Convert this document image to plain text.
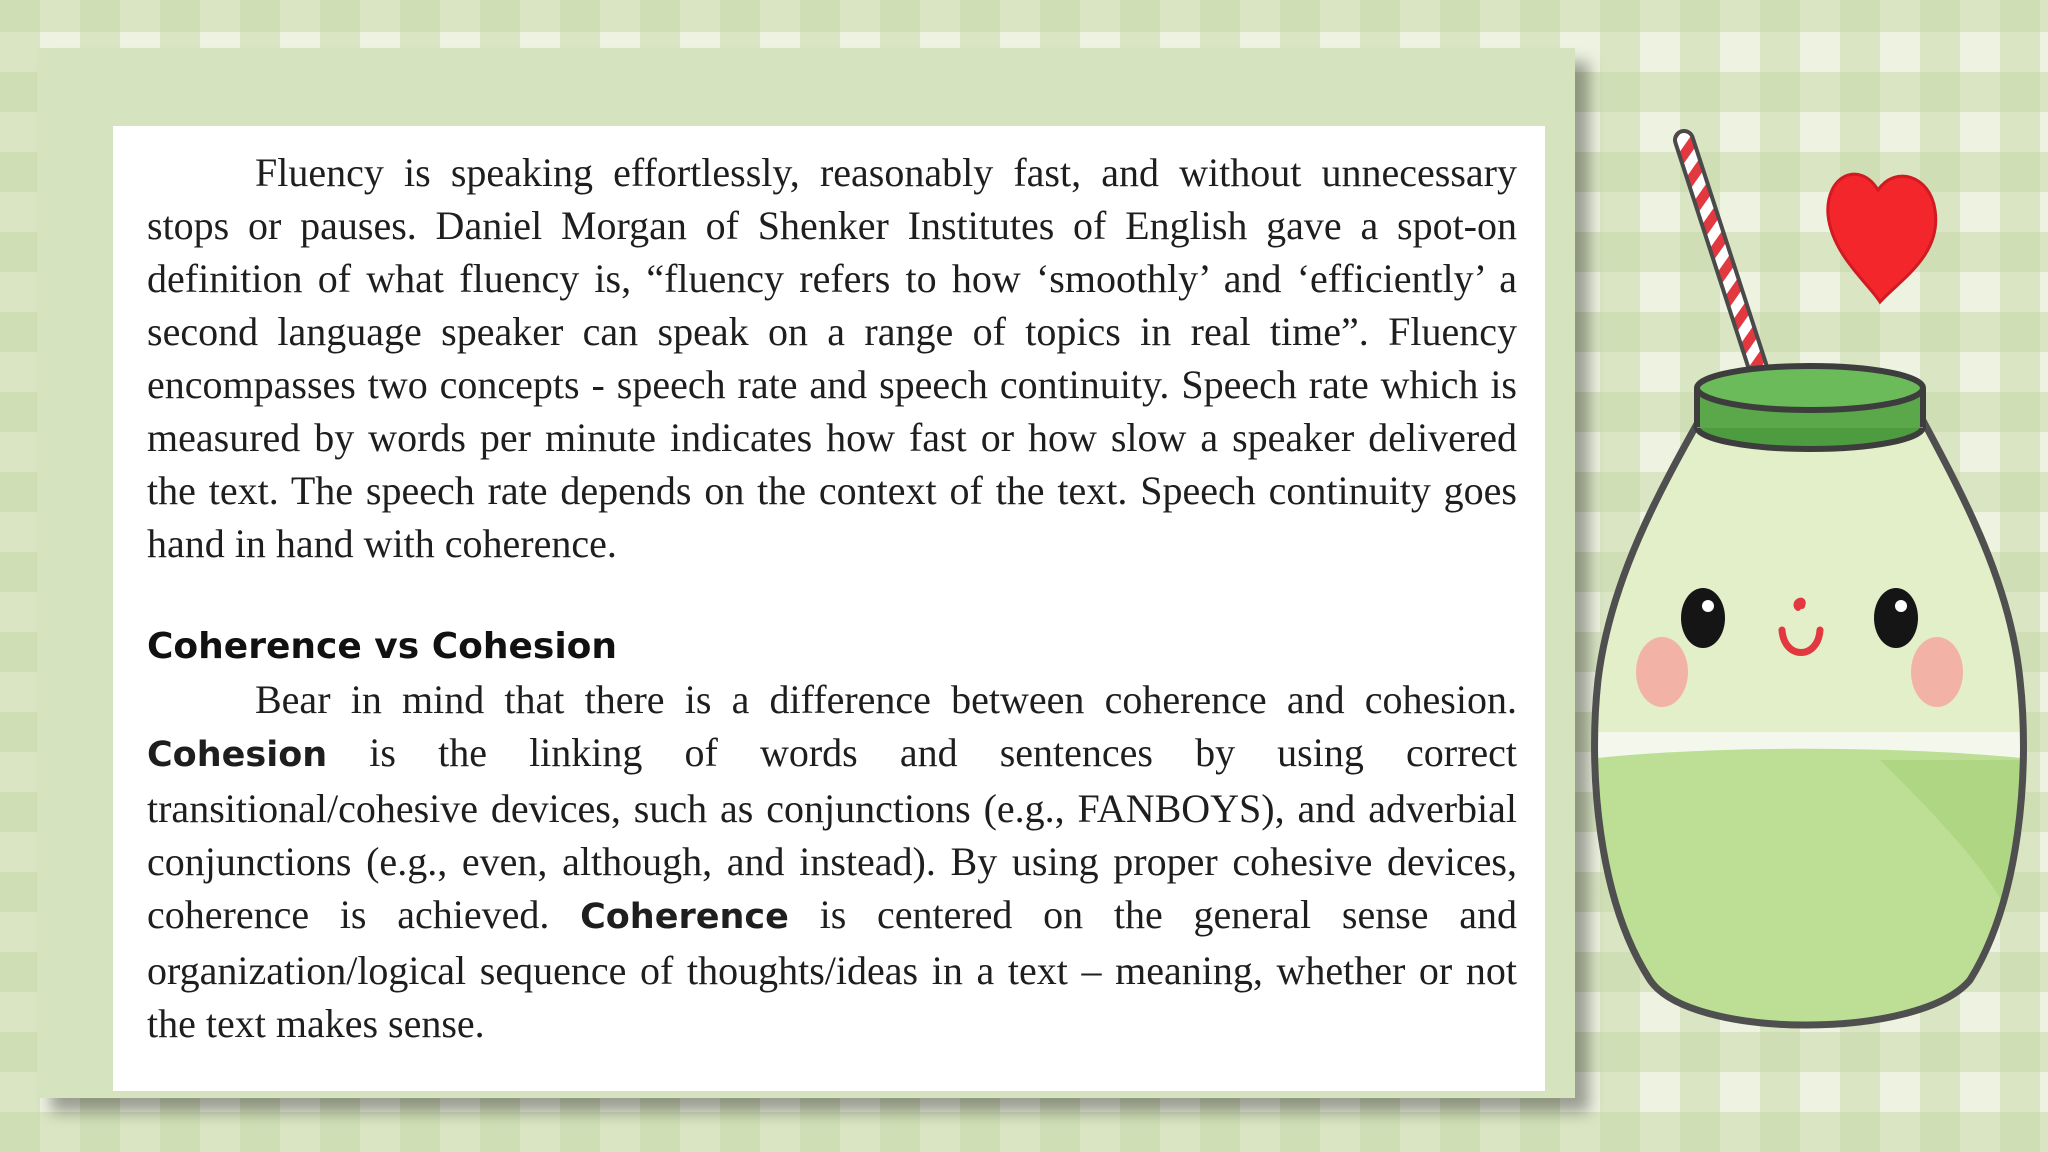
Fluency is speaking effortlessly, reasonably fast, and without unnecessary stops or pauses. Daniel Morgan of Shenker Institutes of English gave a spot-on definition of what fluency is, “fluency refers to how ‘smoothly’ and ‘efficiently’ a second language speaker can speak on a range of topics in real time”. Fluency encompasses two concepts - speech rate and speech continuity. Speech rate which is measured by words per minute indicates how fast or how slow a speaker delivered the text. The speech rate depends on the context of the text. Speech continuity goes hand in hand with coherence.

Coherence vs Cohesion

Bear in mind that there is a difference between coherence and cohesion. Cohesion is the linking of words and sentences by using correct transitional/cohesive devices, such as conjunctions (e.g., FANBOYS), and adverbial conjunctions (e.g., even, although, and instead). By using proper cohesive devices, coherence is achieved. Coherence is centered on the general sense and organization/logical sequence of thoughts/ideas in a text – meaning, whether or not the text makes sense.
